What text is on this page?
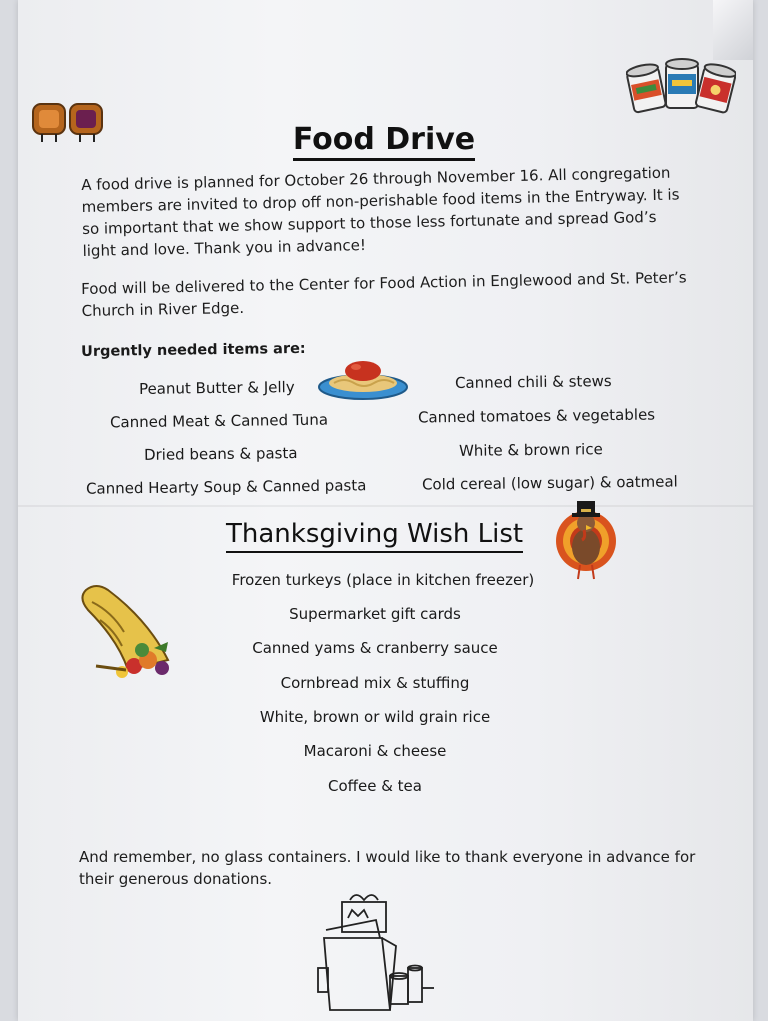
Food Drive
A food drive is planned for October 26 through November 16. All congregation members are invited to drop off non-perishable food items in the Entryway. It is so important that we show support to those less fortunate and spread God’s light and love. Thank you in advance!
Food will be delivered to the Center for Food Action in Englewood and St. Peter’s Church in River Edge.
Urgently needed items are:
Peanut Butter & Jelly
Canned Meat & Canned Tuna
Dried beans & pasta
Canned Hearty Soup & Canned pasta
Canned chili & stews
Canned tomatoes & vegetables
White & brown rice
Cold cereal (low sugar) & oatmeal
Thanksgiving Wish List
Frozen turkeys (place in kitchen freezer)
Supermarket gift cards
Canned yams & cranberry sauce
Cornbread mix & stuffing
White, brown or wild grain rice
Macaroni & cheese
Coffee & tea
And remember, no glass containers. I would like to thank everyone in advance for their generous donations.
